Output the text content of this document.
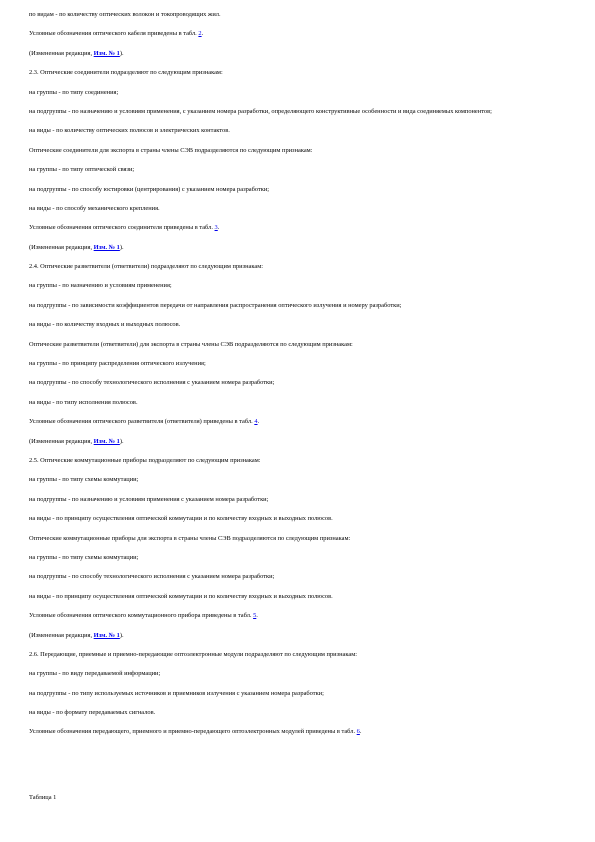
по видам - по количеству оптических волокон и токопроводящих жил.
Условные обозначения оптического кабеля приведены в табл. 2.
(Измененная редакция, Изм. № 1).
2.3. Оптические соединители подразделяют по следующим признакам:
на группы - по типу соединения;
на подгруппы - по назначению и условиям применения, с указанием номера разработки, определяющего конструктивные особенности и вида соединяемых компонентов;
на виды - по количеству оптических полюсов и электрических контактов.
Оптические соединители для экспорта в страны члены СЭВ подразделяются по следующим признакам:
на группы - по типу оптической связи;
на подгруппы - по способу юстировки (центрирования) с указанием номера разработки;
на виды - по способу механического крепления.
Условные обозначения оптического соединителя приведены в табл. 3.
(Измененная редакция, Изм. № 1).
2.4. Оптические разветвители (ответвители) подразделяют по следующим признакам:
на группы - по назначению и условиям применения;
на подгруппы - по зависимости коэффициентов передачи от направления распространения оптического излучения и номеру разработки;
на виды - по количеству входных и выходных полюсов.
Оптические разветвители (ответвители) для экспорта в страны члены СЭВ подразделяются по следующим признакам:
на группы - по принципу распределения оптического излучения;
на подгруппы - по способу технологического исполнения с указанием номера разработки;
на виды - по типу исполнения полюсов.
Условные обозначения оптического разветвителя (ответвителя) приведены в табл. 4.
(Измененная редакция, Изм. № 1).
2.5. Оптические коммутационные приборы подразделяют по следующим признакам:
на группы - по типу схемы коммутации;
на подгруппы - по назначению и условиям применения с указанием номера разработки;
на виды - по принципу осуществления оптической коммутации и по количеству входных и выходных полюсов.
Оптические коммутационные приборы для экспорта в страны члены СЭВ подразделяются по следующим признакам:
на группы - по типу схемы коммутации;
на подгруппы - по способу технологического исполнения с указанием номера разработки;
на виды - по принципу осуществления оптической коммутации и по количеству входных и выходных полюсов.
Условные обозначения оптического коммутационного прибора приведены в табл. 5.
(Измененная редакция, Изм. № 1).
2.6. Передающие, приемные и приемно-передающие оптоэлектронные модули подразделяют по следующим признакам:
на группы - по виду передаваемой информации;
на подгруппы - по типу используемых источников и приемников излучения с указанием номера разработки;
на виды - по формату передаваемых сигналов.
Условные обозначения передающего, приемного и приемно-передающего оптоэлектронных модулей приведены в табл. 6.
Таблица 1
